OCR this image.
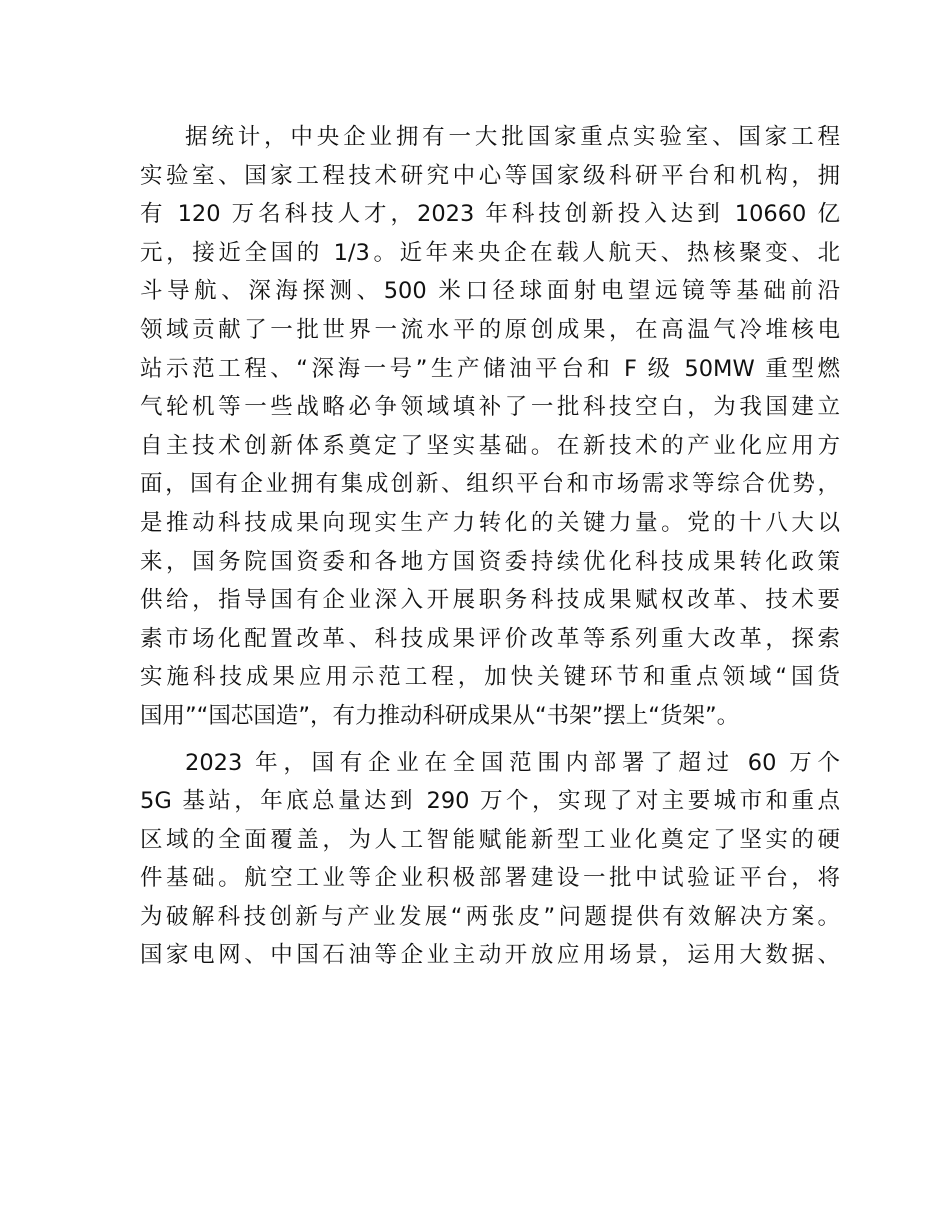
据统计，中央企业拥有一大批国家重点实验室、国家工程
实验室、国家工程技术研究中心等国家级科研平台和机构，拥
有 120 万名科技人才，2023 年科技创新投入达到 10660 亿
元，接近全国的 1/3。近年来央企在载人航天、热核聚变、北
斗导航、深海探测、500 米口径球面射电望远镜等基础前沿
领域贡献了一批世界一流水平的原创成果，在高温气冷堆核电
站示范工程、“深海一号”生产储油平台和 F 级 50MW 重型燃
气轮机等一些战略必争领域填补了一批科技空白，为我国建立
自主技术创新体系奠定了坚实基础。在新技术的产业化应用方
面，国有企业拥有集成创新、组织平台和市场需求等综合优势，
是推动科技成果向现实生产力转化的关键力量。党的十八大以
来，国务院国资委和各地方国资委持续优化科技成果转化政策
供给，指导国有企业深入开展职务科技成果赋权改革、技术要
素市场化配置改革、科技成果评价改革等系列重大改革，探索
实施科技成果应用示范工程，加快关键环节和重点领域“国货
国用”“国芯国造”，有力推动科研成果从“书架”摆上“货架”。
2023 年，国有企业在全国范围内部署了超过 60 万个
5G 基站，年底总量达到 290 万个，实现了对主要城市和重点
区域的全面覆盖，为人工智能赋能新型工业化奠定了坚实的硬
件基础。航空工业等企业积极部署建设一批中试验证平台，将
为破解科技创新与产业发展“两张皮”问题提供有效解决方案。
国家电网、中国石油等企业主动开放应用场景，运用大数据、
